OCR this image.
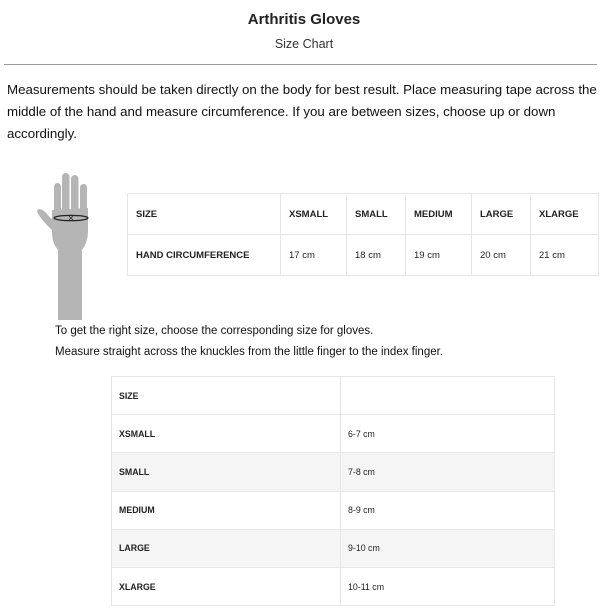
Arthritis Gloves
Size Chart
Measurements should be taken directly on the body for best result. Place measuring tape across the middle of the hand and measure circumference. If you are between sizes, choose up or down accordingly.
SIZE	XSMALL	SMALL	MEDIUM	LARGE	XLARGE
HAND CIRCUMFERENCE	17 cm	18 cm	19 cm	20 cm	21 cm
To get the right size, choose the corresponding size for gloves.
Measure straight across the knuckles from the little finger to the index finger.
SIZE	
XSMALL	6-7 cm
SMALL	7-8 cm
MEDIUM	8-9 cm
LARGE	9-10 cm
XLARGE	10-11 cm
